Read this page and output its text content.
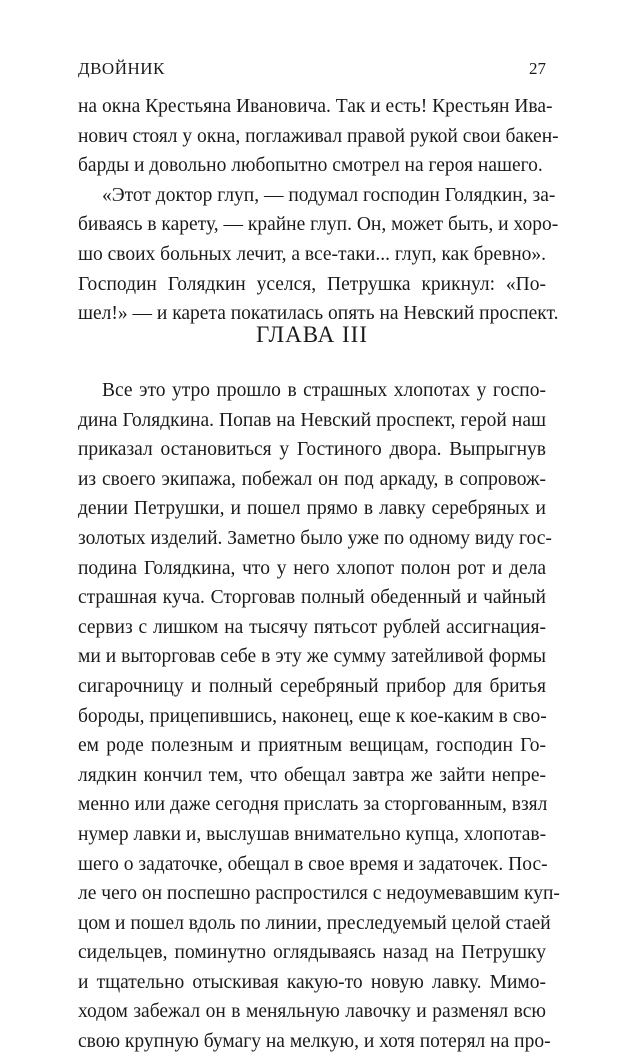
ДВОЙНИК	27
на окна Крестьяна Ивановича. Так и есть! Крестьян Ива-
нович стоял у окна, поглаживал правой рукой свои бакен-
барды и довольно любопытно смотрел на героя нашего.
«Этот доктор глуп, — подумал господин Голядкин, за-
биваясь в карету, — крайне глуп. Он, может быть, и хоро-
шо своих больных лечит, а все-таки... глуп, как бревно».
Господин Голядкин уселся, Петрушка крикнул: «По-
шел!» — и карета покатилась опять на Невский проспект.
ГЛАВА III
Все это утро прошло в страшных хлопотах у госпо-
дина Голядкина. Попав на Невский проспект, герой наш
приказал остановиться у Гостиного двора. Выпрыгнув
из своего экипажа, побежал он под аркаду, в сопровож-
дении Петрушки, и пошел прямо в лавку серебряных и
золотых изделий. Заметно было уже по одному виду гос-
подина Голядкина, что у него хлопот полон рот и дела
страшная куча. Сторговав полный обеденный и чайный
сервиз с лишком на тысячу пятьсот рублей ассигнация-
ми и выторговав себе в эту же сумму затейливой формы
сигарочницу и полный серебряный прибор для бритья
бороды, прицепившись, наконец, еще к кое-каким в сво-
ем роде полезным и приятным вещицам, господин Го-
лядкин кончил тем, что обещал завтра же зайти непре-
менно или даже сегодня прислать за сторгованным, взял
нумер лавки и, выслушав внимательно купца, хлопотав-
шего о задаточке, обещал в свое время и задаточек. Пос-
ле чего он поспешно распростился с недоумевавшим куп-
цом и пошел вдоль по линии, преследуемый целой стаей
сидельцев, поминутно оглядываясь назад на Петрушку
и тщательно отыскивая какую-то новую лавку. Мимо-
ходом забежал он в меняльную лавочку и разменял всю
свою крупную бумагу на мелкую, и хотя потерял на про-
